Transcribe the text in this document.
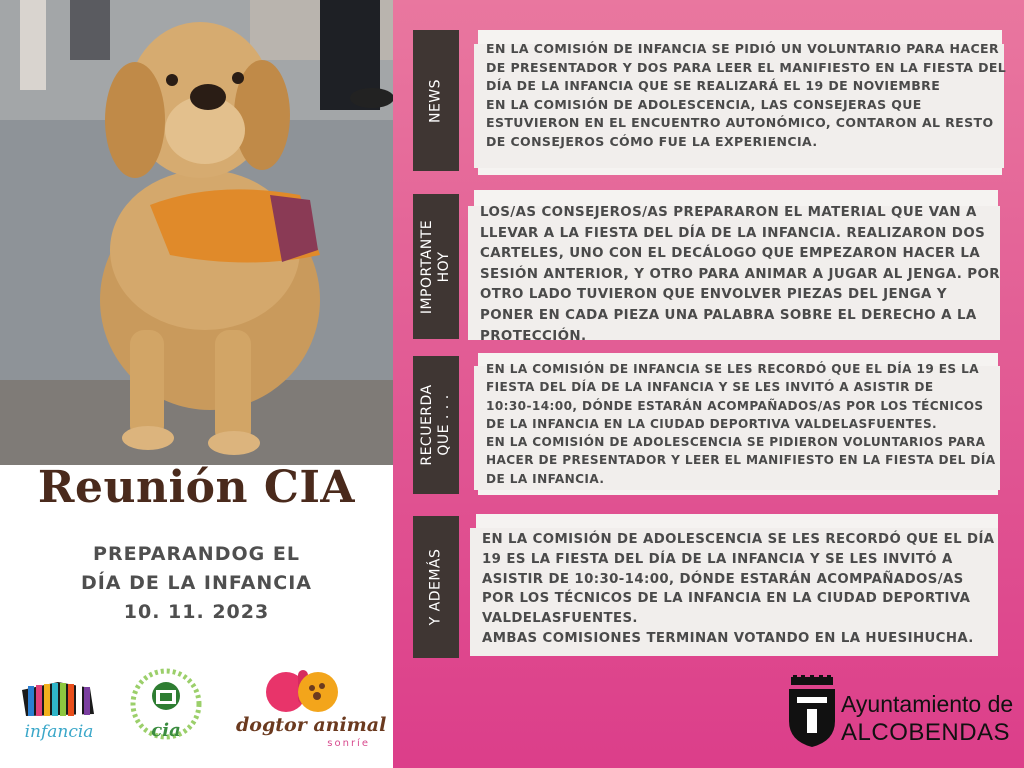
Reunión CIA
PREPARANDOG EL
DÍA DE LA INFANCIA
10. 11. 2023
infancia	cia	dogtor animal
sonríe
NEWS
EN LA COMISIÓN DE INFANCIA SE PIDIÓ UN VOLUNTARIO PARA HACER
DE PRESENTADOR Y DOS PARA LEER EL MANIFIESTO EN LA FIESTA DEL
DÍA DE LA INFANCIA QUE SE REALIZARÁ EL 19 DE NOVIEMBRE
EN LA COMISIÓN DE ADOLESCENCIA, LAS CONSEJERAS QUE
ESTUVIERON EN EL ENCUENTRO AUTONÓMICO, CONTARON AL RESTO
DE CONSEJEROS CÓMO FUE LA EXPERIENCIA.
IMPORTANTE HOY
LOS/AS CONSEJEROS/AS PREPARARON EL MATERIAL QUE VAN A
LLEVAR A LA FIESTA DEL DÍA DE LA INFANCIA. REALIZARON DOS
CARTELES, UNO CON EL DECÁLOGO QUE EMPEZARON HACER LA
SESIÓN ANTERIOR, Y OTRO PARA ANIMAR A JUGAR AL JENGA. POR
OTRO LADO TUVIERON QUE ENVOLVER PIEZAS DEL JENGA Y
PONER EN CADA PIEZA UNA PALABRA SOBRE EL DERECHO A LA
PROTECCIÓN.
RECUERDA QUE . . .
EN LA COMISIÓN DE INFANCIA SE LES RECORDÓ QUE EL DÍA 19 ES LA
FIESTA DEL DÍA DE LA INFANCIA Y SE LES INVITÓ A ASISTIR DE
10:30-14:00, DÓNDE ESTARÁN ACOMPAÑADOS/AS POR LOS TÉCNICOS
DE LA INFANCIA EN LA CIUDAD DEPORTIVA VALDELASFUENTES.
EN LA COMISIÓN DE ADOLESCENCIA SE PIDIERON VOLUNTARIOS PARA
HACER DE PRESENTADOR Y LEER EL MANIFIESTO EN LA FIESTA DEL DÍA
DE LA INFANCIA.
Y ADEMÁS
EN LA COMISIÓN DE ADOLESCENCIA SE LES RECORDÓ QUE EL DÍA
19 ES LA FIESTA DEL DÍA DE LA INFANCIA Y SE LES INVITÓ A
ASISTIR DE 10:30-14:00, DÓNDE ESTARÁN ACOMPAÑADOS/AS
POR LOS TÉCNICOS DE LA INFANCIA EN LA CIUDAD DEPORTIVA
VALDELASFUENTES.
AMBAS COMISIONES TERMINAN VOTANDO EN LA HUESIHUCHA.
Ayuntamiento de
ALCOBENDAS
